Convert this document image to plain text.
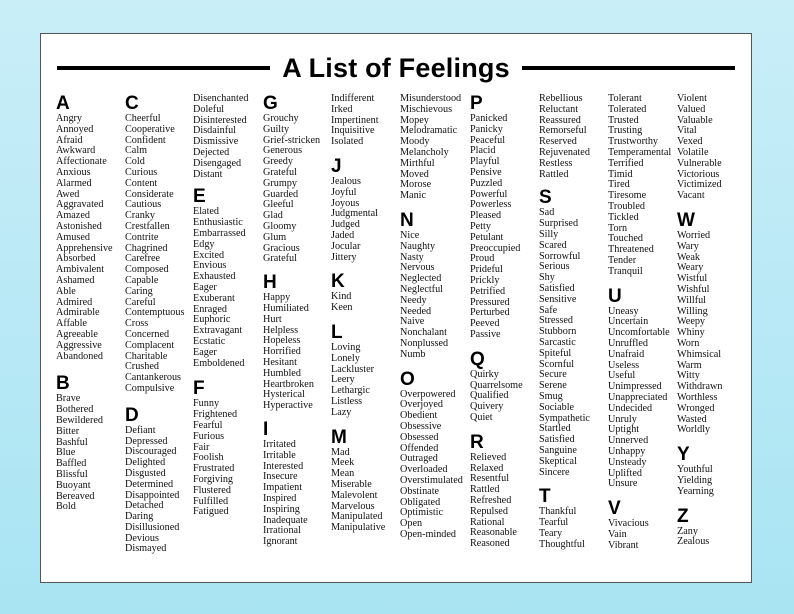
A List of Feelings
A
Angry
Annoyed
Afraid
Awkward
Affectionate
Anxious
Alarmed
Awed
Aggravated
Amazed
Astonished
Amused
Apprehensive
Absorbed
Ambivalent
Ashamed
Able
Admired
Admirable
Affable
Agreeable
Aggressive
Abandoned
B
Brave
Bothered
Bewildered
Bitter
Bashful
Blue
Baffled
Blissful
Buoyant
Bereaved
Bold
C
Cheerful
Cooperative
Confident
Calm
Cold
Curious
Content
Considerate
Cautious
Cranky
Crestfallen
Contrite
Chagrined
Carefree
Composed
Capable
Caring
Careful
Contemptuous
Cross
Concerned
Complacent
Charitable
Crushed
Cantankerous
Compulsive
D
Defiant
Depressed
Discouraged
Delighted
Disgusted
Determined
Disappointed
Detached
Daring
Disillusioned
Devious
Dismayed
Disenchanted
Doleful
Disinterested
Disdainful
Dismissive
Dejected
Disengaged
Distant
E
Elated
Enthusiastic
Embarrassed
Edgy
Excited
Envious
Exhausted
Eager
Exuberant
Enraged
Euphoric
Extravagant
Ecstatic
Eager
Emboldened
F
Funny
Frightened
Fearful
Furious
Fair
Foolish
Frustrated
Forgiving
Flustered
Fulfilled
Fatigued
G
Grouchy
Guilty
Grief-stricken
Generous
Greedy
Grateful
Grumpy
Guarded
Gleeful
Glad
Gloomy
Glum
Gracious
Grateful
H
Happy
Humiliated
Hurt
Helpless
Hopeless
Horrified
Hesitant
Humbled
Heartbroken
Hysterical
Hyperactive
I
Irritated
Irritable
Interested
Insecure
Impatient
Inspired
Inspiring
Inadequate
Irrational
Ignorant
Indifferent
Irked
Impertinent
Inquisitive
Isolated
J
Jealous
Joyful
Joyous
Judgmental
Judged
Jaded
Jocular
Jittery
K
Kind
Keen
L
Loving
Lonely
Lackluster
Leery
Lethargic
Listless
Lazy
M
Mad
Meek
Mean
Miserable
Malevolent
Marvelous
Manipulated
Manipulative
Misunderstood
Mischievous
Mopey
Melodramatic
Moody
Melancholy
Mirthful
Moved
Morose
Manic
N
Nice
Naughty
Nasty
Nervous
Neglected
Neglectful
Needy
Needed
Naive
Nonchalant
Nonplussed
Numb
O
Overpowered
Overjoyed
Obedient
Obsessive
Obsessed
Offended
Outraged
Overloaded
Overstimulated
Obstinate
Obligated
Optimistic
Open
Open-minded
P
Panicked
Panicky
Peaceful
Placid
Playful
Pensive
Puzzled
Powerful
Powerless
Pleased
Petty
Petulant
Preoccupied
Proud
Prideful
Prickly
Petrified
Pressured
Perturbed
Peeved
Passive
Q
Quirky
Quarrelsome
Qualified
Quivery
Quiet
R
Relieved
Relaxed
Resentful
Rattled
Refreshed
Repulsed
Rational
Reasonable
Reasoned
Rebellious
Reluctant
Reassured
Remorseful
Reserved
Rejuvenated
Restless
Rattled
S
Sad
Surprised
Silly
Scared
Sorrowful
Serious
Shy
Satisfied
Sensitive
Safe
Stressed
Stubborn
Sarcastic
Spiteful
Scornful
Secure
Serene
Smug
Sociable
Sympathetic
Startled
Satisfied
Sanguine
Skeptical
Sincere
T
Thankful
Tearful
Teary
Thoughtful
Tolerant
Tolerated
Trusted
Trusting
Trustworthy
Temperamental
Terrified
Timid
Tired
Tiresome
Troubled
Tickled
Torn
Touched
Threatened
Tender
Tranquil
U
Uneasy
Uncertain
Uncomfortable
Unruffled
Unafraid
Useless
Useful
Unimpressed
Unappreciated
Undecided
Unruly
Uptight
Unnerved
Unhappy
Unsteady
Uplifted
Unsure
V
Vivacious
Vain
Vibrant
Violent
Valued
Valuable
Vital
Vexed
Volatile
Vulnerable
Victorious
Victimized
Vacant
W
Worried
Wary
Weak
Weary
Wistful
Wishful
Willful
Willing
Weepy
Whiny
Worn
Whimsical
Warm
Witty
Withdrawn
Worthless
Wronged
Wasted
Worldly
Y
Youthful
Yielding
Yearning
Z
Zany
Zealous
